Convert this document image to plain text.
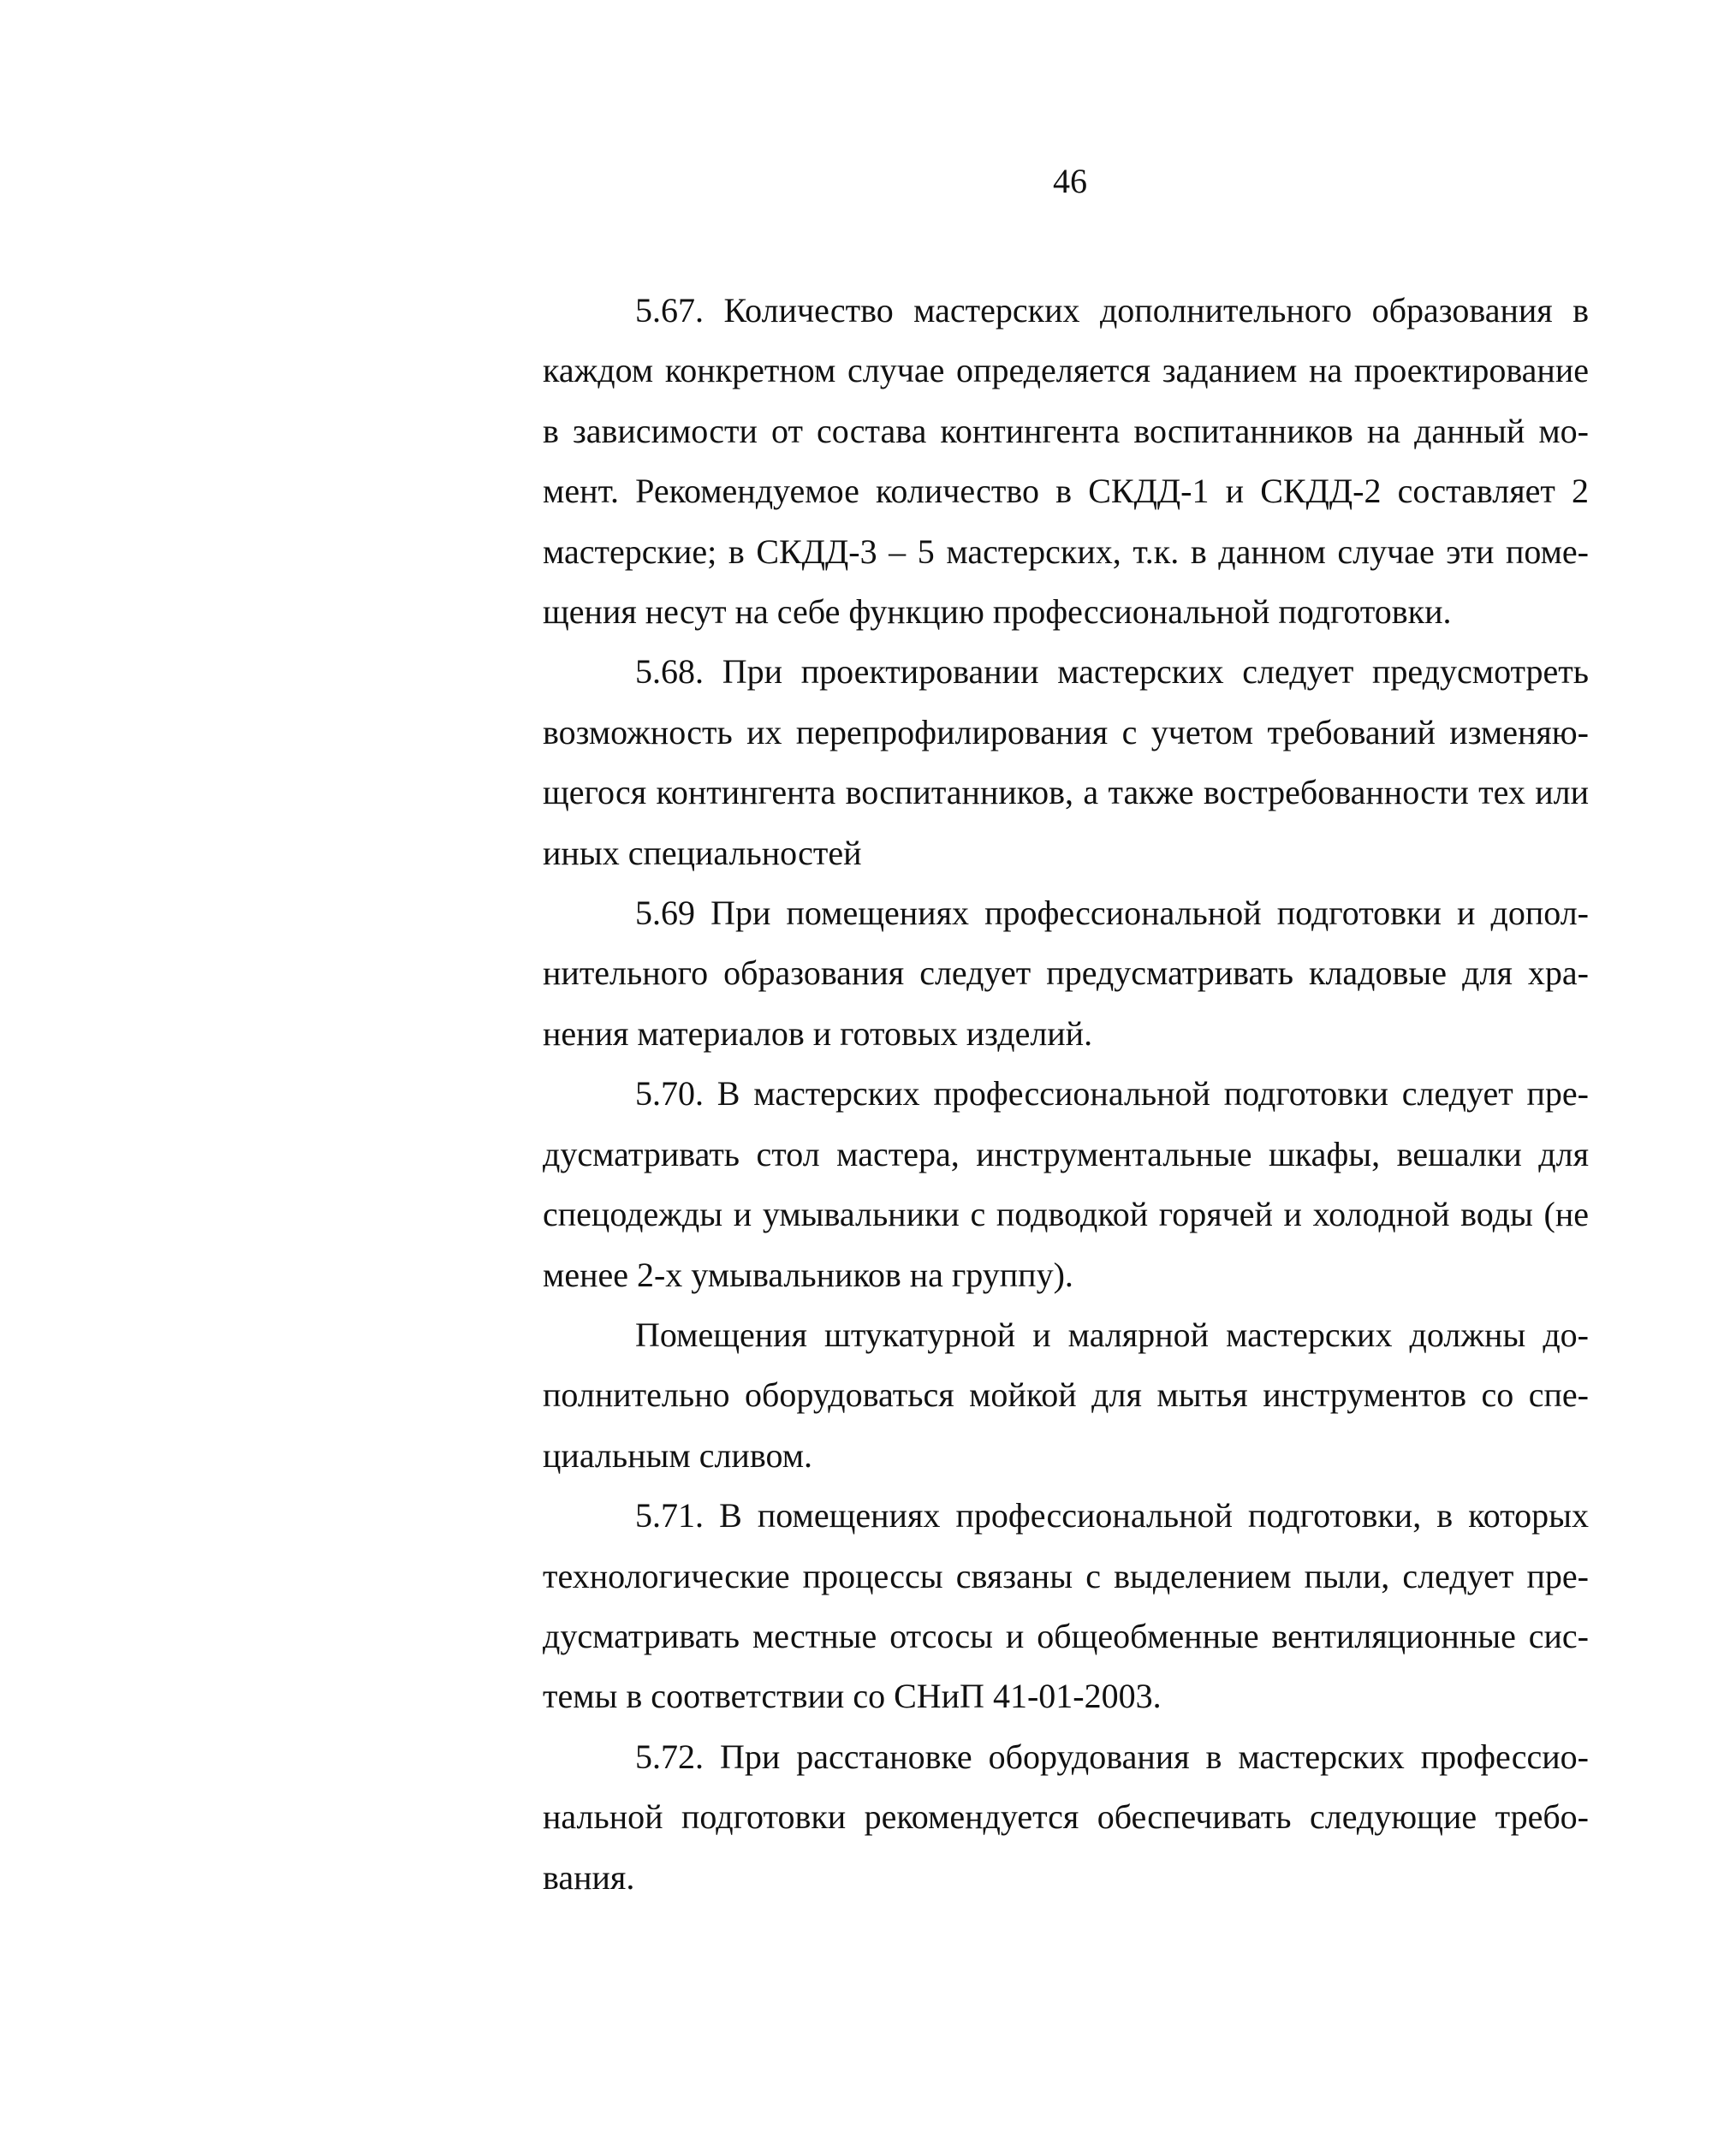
46
5.67. Количество мастерских дополнительного образования в
каждом конкретном случае определяется заданием на проектирование
в зависимости от состава контингента воспитанников на данный мо-
мент. Рекомендуемое количество в СКДД-1 и СКДД-2 составляет 2
мастерские; в СКДД-3 – 5 мастерских, т.к. в данном случае эти поме-
щения несут на себе функцию профессиональной подготовки.
5.68. При проектировании мастерских следует предусмотреть
возможность их перепрофилирования с учетом требований изменяю-
щегося контингента воспитанников, а также востребованности тех или
иных специальностей
5.69 При помещениях профессиональной подготовки и допол-
нительного образования следует предусматривать кладовые для хра-
нения материалов и готовых изделий.
5.70. В мастерских профессиональной подготовки следует пре-
дусматривать стол мастера, инструментальные шкафы, вешалки для
спецодежды и умывальники с подводкой горячей и холодной воды (не
менее 2-х умывальников на группу).
Помещения штукатурной и малярной мастерских должны до-
полнительно оборудоваться мойкой для мытья инструментов со спе-
циальным сливом.
5.71. В помещениях профессиональной подготовки, в которых
технологические процессы связаны с выделением пыли, следует пре-
дусматривать местные отсосы и общеобменные вентиляционные сис-
темы в соответствии со СНиП 41-01-2003.
5.72. При расстановке оборудования в мастерских профессио-
нальной подготовки рекомендуется обеспечивать следующие требо-
вания.
